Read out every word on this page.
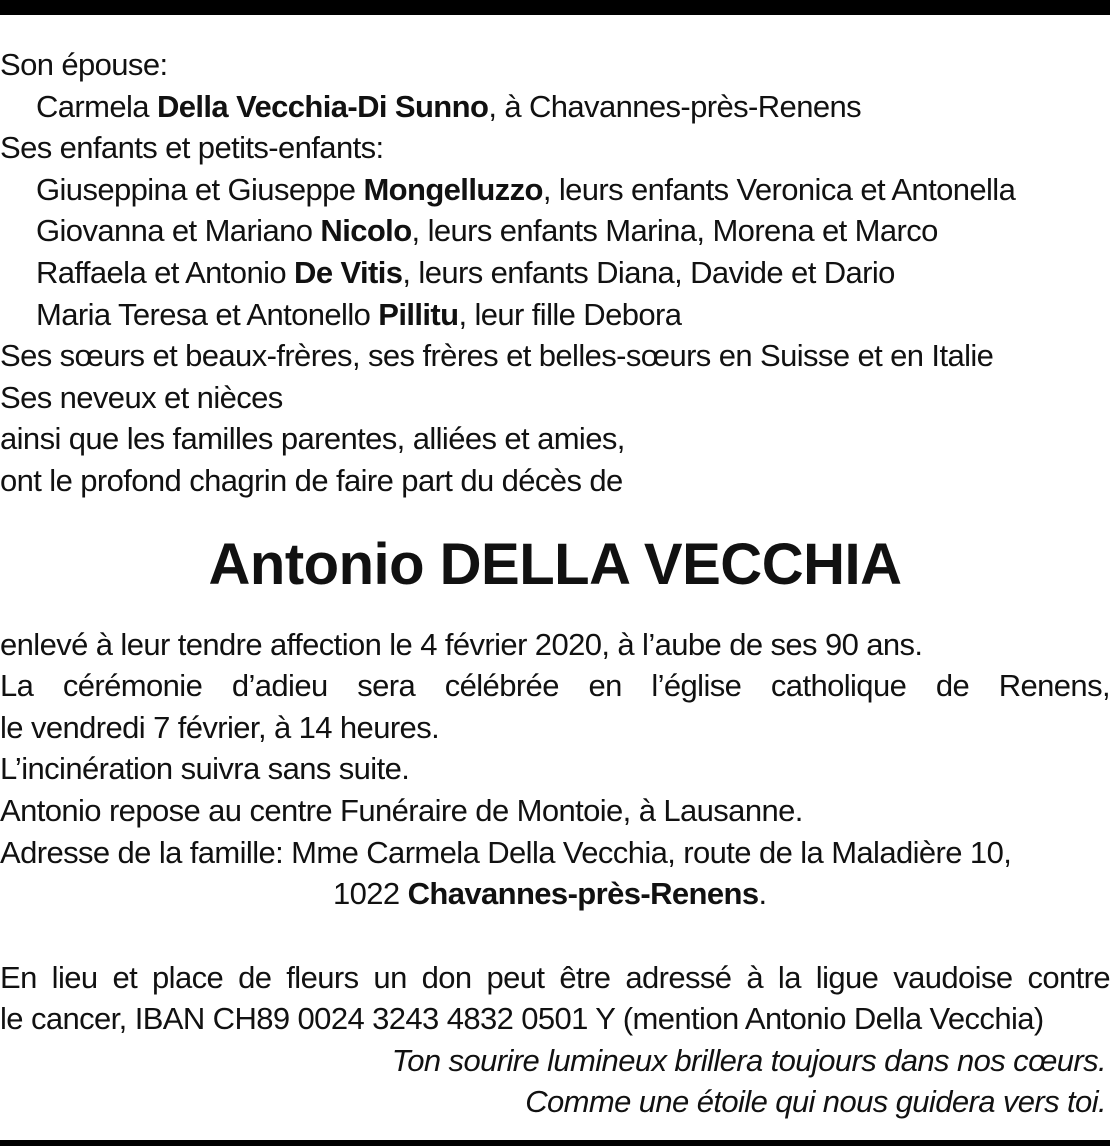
Son épouse:
Carmela Della Vecchia-Di Sunno, à Chavannes-près-Renens
Ses enfants et petits-enfants:
Giuseppina et Giuseppe Mongelluzzo, leurs enfants Veronica et Antonella
Giovanna et Mariano Nicolo, leurs enfants Marina, Morena et Marco
Raffaela et Antonio De Vitis, leurs enfants Diana, Davide et Dario
Maria Teresa et Antonello Pillitu, leur fille Debora
Ses sœurs et beaux-frères, ses frères et belles-sœurs en Suisse et en Italie
Ses neveux et nièces
ainsi que les familles parentes, alliées et amies,
ont le profond chagrin de faire part du décès de
Antonio DELLA VECCHIA
enlevé à leur tendre affection le 4 février 2020, à l’aube de ses 90 ans.
La cérémonie d’adieu sera célébrée en l’église catholique de Renens,
le vendredi 7 février, à 14 heures.
L’incinération suivra sans suite.
Antonio repose au centre Funéraire de Montoie, à Lausanne.
Adresse de la famille: Mme Carmela Della Vecchia, route de la Maladière 10,
1022 Chavannes-près-Renens.
En lieu et place de fleurs un don peut être adressé à la ligue vaudoise contre
le cancer, IBAN CH89 0024 3243 4832 0501 Y (mention Antonio Della Vecchia)
Ton sourire lumineux brillera toujours dans nos cœurs.
Comme une étoile qui nous guidera vers toi.
